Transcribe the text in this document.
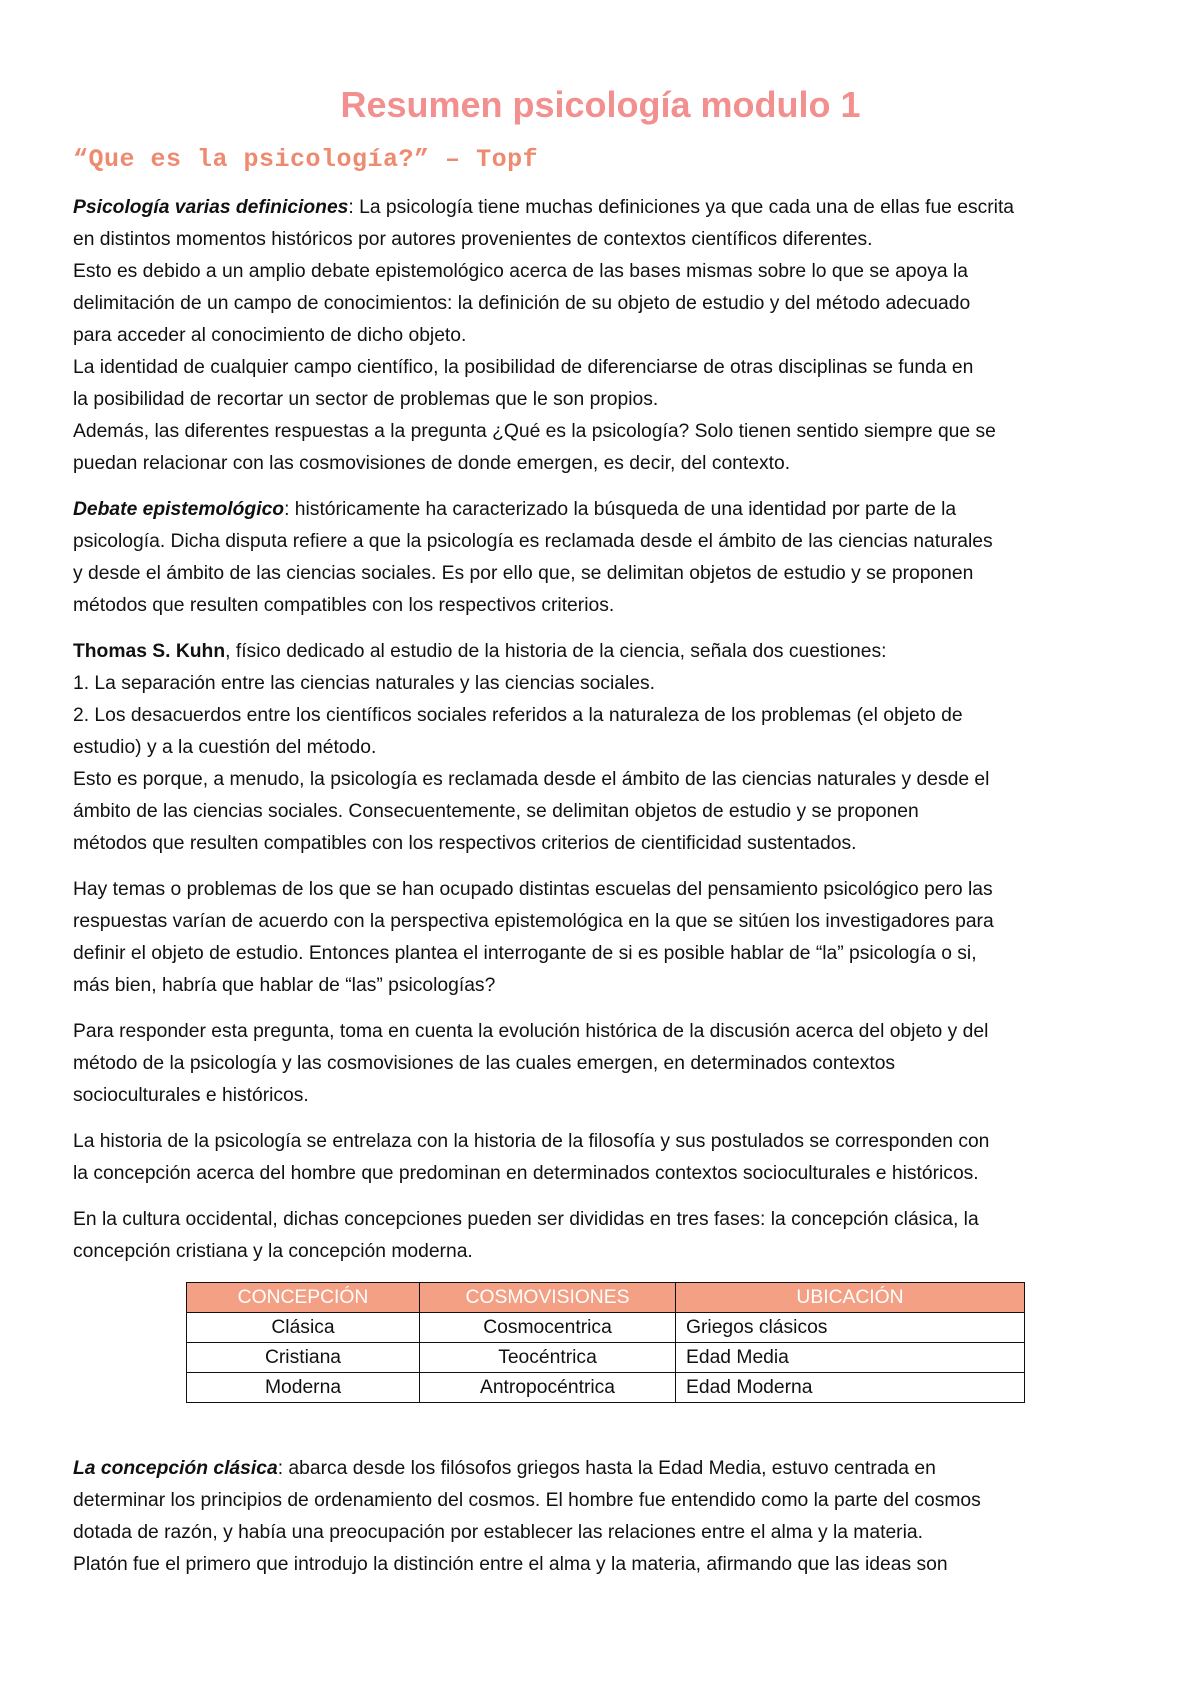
Resumen psicología modulo 1
“Que es la psicología?” – Topf
Psicología varias definiciones: La psicología tiene muchas definiciones ya que cada una de ellas fue escrita
en distintos momentos históricos por autores provenientes de contextos científicos diferentes.
Esto es debido a un amplio debate epistemológico acerca de las bases mismas sobre lo que se apoya la
delimitación de un campo de conocimientos: la definición de su objeto de estudio y del método adecuado
para acceder al conocimiento de dicho objeto.
La identidad de cualquier campo científico, la posibilidad de diferenciarse de otras disciplinas se funda en
la posibilidad de recortar un sector de problemas que le son propios.
Además, las diferentes respuestas a la pregunta ¿Qué es la psicología? Solo tienen sentido siempre que se
puedan relacionar con las cosmovisiones de donde emergen, es decir, del contexto.
Debate epistemológico: históricamente ha caracterizado la búsqueda de una identidad por parte de la
psicología. Dicha disputa refiere a que la psicología es reclamada desde el ámbito de las ciencias naturales
y desde el ámbito de las ciencias sociales. Es por ello que, se delimitan objetos de estudio y se proponen
métodos que resulten compatibles con los respectivos criterios.
Thomas S. Kuhn, físico dedicado al estudio de la historia de la ciencia, señala dos cuestiones:
1. La separación entre las ciencias naturales y las ciencias sociales.
2. Los desacuerdos entre los científicos sociales referidos a la naturaleza de los problemas (el objeto de
estudio) y a la cuestión del método.
Esto es porque, a menudo, la psicología es reclamada desde el ámbito de las ciencias naturales y desde el
ámbito de las ciencias sociales. Consecuentemente, se delimitan objetos de estudio y se proponen
métodos que resulten compatibles con los respectivos criterios de cientificidad sustentados.
Hay temas o problemas de los que se han ocupado distintas escuelas del pensamiento psicológico pero las
respuestas varían de acuerdo con la perspectiva epistemológica en la que se sitúen los investigadores para
definir el objeto de estudio. Entonces plantea el interrogante de si es posible hablar de “la” psicología o si,
más bien, habría que hablar de “las” psicologías?
Para responder esta pregunta, toma en cuenta la evolución histórica de la discusión acerca del objeto y del
método de la psicología y las cosmovisiones de las cuales emergen, en determinados contextos
socioculturales e históricos.
La historia de la psicología se entrelaza con la historia de la filosofía y sus postulados se corresponden con
la concepción acerca del hombre que predominan en determinados contextos socioculturales e históricos.
En la cultura occidental, dichas concepciones pueden ser divididas en tres fases: la concepción clásica, la
concepción cristiana y la concepción moderna.
CONCEPCIÓN	COSMOVISIONES	UBICACIÓN
Clásica	Cosmocentrica	Griegos clásicos
Cristiana	Teocéntrica	Edad Media
Moderna	Antropocéntrica	Edad Moderna
La concepción clásica: abarca desde los filósofos griegos hasta la Edad Media, estuvo centrada en
determinar los principios de ordenamiento del cosmos. El hombre fue entendido como la parte del cosmos
dotada de razón, y había una preocupación por establecer las relaciones entre el alma y la materia.
Platón fue el primero que introdujo la distinción entre el alma y la materia, afirmando que las ideas son
